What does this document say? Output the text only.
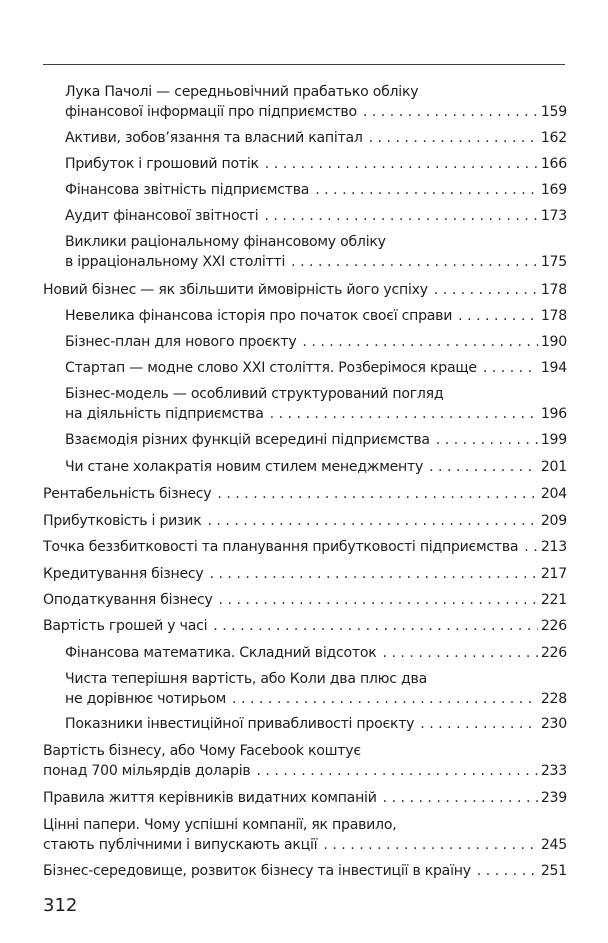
Лука Пачолі — середньовічний прабатько обліку
фінансової інформації про підприємство . . .	159
Активи, зобов’язання та власний капітал . . .	162
Прибуток і грошовий потік . . .	166
Фінансова звітність підприємства . . .	169
Аудит фінансової звітності . . .	173
Виклики раціональному фінансовому обліку
в ірраціональному XXI столітті . . .	175
Новий бізнес — як збільшити ймовірність його успіху . . .	178
Невелика фінансова історія про початок своєї справи . . .	178
Бізнес-план для нового проєкту . . .	190
Стартап — модне слово XXI століття. Розберімося краще . . .	194
Бізнес-модель — особливий структурований погляд
на діяльність підприємства . . .	196
Взаємодія різних функцій всередині підприємства . . .	199
Чи стане холакратія новим стилем менеджменту . . .	201
Рентабельність бізнесу . . .	204
Прибутковість і ризик . . .	209
Точка беззбитковості та планування прибутковості підприємства . . . 213
Кредитування бізнесу . . .	217
Оподаткування бізнесу . . .	221
Вартість грошей у часі . . .	226
Фінансова математика. Складний відсоток . . .	226
Чиста теперішня вартість, або Коли два плюс два
не дорівнює чотирьом . . .	228
Показники інвестиційної привабливості проєкту . . .	230
Вартість бізнесу, або Чому Facebook коштує
понад 700 мільярдів доларів . . .	233
Правила життя керівників видатних компаній . . .	239
Цінні папери. Чому успішні компанії, як правило,
стають публічними і випускають акції . . .	245
Бізнес-середовище, розвиток бізнесу та інвестиції в країну . . .	251
312
